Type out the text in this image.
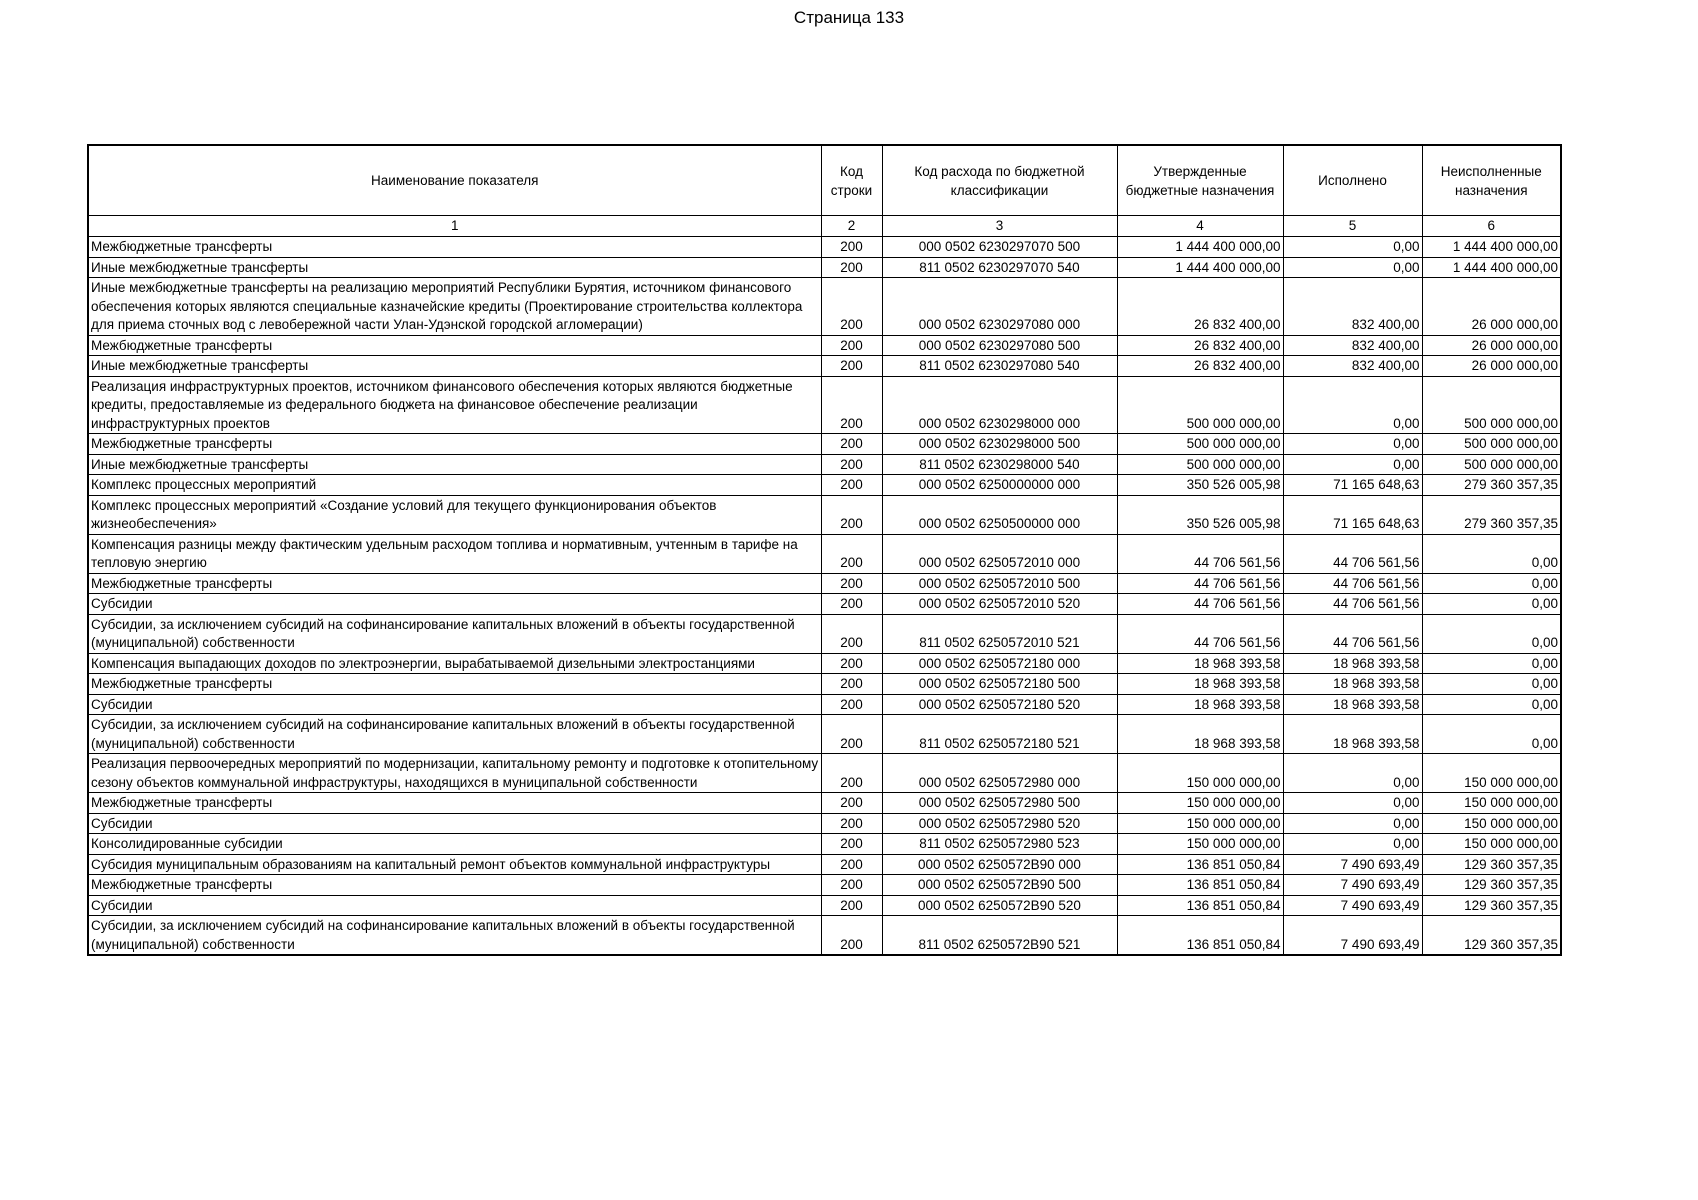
Страница 133
Наименование показателя	Код строки	Код расхода по бюджетной классификации	Утвержденные бюджетные назначения	Исполнено	Неисполненные назначения
1	2	3	4	5	6

Межбюджетные трансферты	200	000 0502 6230297070 500	1 444 400 000,00	0,00	1 444 400 000,00

Иные межбюджетные трансферты	200	811 0502 6230297070 540	1 444 400 000,00	0,00	1 444 400 000,00

Иные межбюджетные трансферты на реализацию мероприятий Республики Бурятия, источником финансового обеспечения которых являются специальные казначейские кредиты (Проектирование строительства коллектора для приема сточных вод с левобережной части Улан-Удэнской городской агломерации)	200	000 0502 6230297080 000	26 832 400,00	832 400,00	26 000 000,00

Межбюджетные трансферты	200	000 0502 6230297080 500	26 832 400,00	832 400,00	26 000 000,00

Иные межбюджетные трансферты	200	811 0502 6230297080 540	26 832 400,00	832 400,00	26 000 000,00

Реализация инфраструктурных проектов, источником финансового обеспечения которых являются бюджетные кредиты, предоставляемые из федерального бюджета на финансовое обеспечение реализации инфраструктурных проектов	200	000 0502 6230298000 000	500 000 000,00	0,00	500 000 000,00

Межбюджетные трансферты	200	000 0502 6230298000 500	500 000 000,00	0,00	500 000 000,00

Иные межбюджетные трансферты	200	811 0502 6230298000 540	500 000 000,00	0,00	500 000 000,00

Комплекс процессных мероприятий	200	000 0502 6250000000 000	350 526 005,98	71 165 648,63	279 360 357,35

Комплекс процессных мероприятий «Создание условий для текущего функционирования объектов жизнеобеспечения»	200	000 0502 6250500000 000	350 526 005,98	71 165 648,63	279 360 357,35

Компенсация разницы между фактическим удельным расходом топлива и нормативным, учтенным в тарифе на тепловую энергию	200	000 0502 6250572010 000	44 706 561,56	44 706 561,56	0,00

Межбюджетные трансферты	200	000 0502 6250572010 500	44 706 561,56	44 706 561,56	0,00

Субсидии	200	000 0502 6250572010 520	44 706 561,56	44 706 561,56	0,00

Субсидии, за исключением субсидий на софинансирование капитальных вложений в объекты государственной (муниципальной) собственности	200	811 0502 6250572010 521	44 706 561,56	44 706 561,56	0,00

Компенсация выпадающих доходов по электроэнергии, вырабатываемой дизельными электростанциями	200	000 0502 6250572180 000	18 968 393,58	18 968 393,58	0,00

Межбюджетные трансферты	200	000 0502 6250572180 500	18 968 393,58	18 968 393,58	0,00

Субсидии	200	000 0502 6250572180 520	18 968 393,58	18 968 393,58	0,00

Субсидии, за исключением субсидий на софинансирование капитальных вложений в объекты государственной (муниципальной) собственности	200	811 0502 6250572180 521	18 968 393,58	18 968 393,58	0,00

Реализация первоочередных мероприятий по модернизации, капитальному ремонту и подготовке к отопительному сезону объектов коммунальной инфраструктуры, находящихся в муниципальной собственности	200	000 0502 6250572980 000	150 000 000,00	0,00	150 000 000,00

Межбюджетные трансферты	200	000 0502 6250572980 500	150 000 000,00	0,00	150 000 000,00

Субсидии	200	000 0502 6250572980 520	150 000 000,00	0,00	150 000 000,00

Консолидированные субсидии	200	811 0502 6250572980 523	150 000 000,00	0,00	150 000 000,00

Субсидия муниципальным образованиям на капитальный ремонт объектов коммунальной инфраструктуры	200	000 0502 6250572B90 000	136 851 050,84	7 490 693,49	129 360 357,35

Межбюджетные трансферты	200	000 0502 6250572B90 500	136 851 050,84	7 490 693,49	129 360 357,35

Субсидии	200	000 0502 6250572B90 520	136 851 050,84	7 490 693,49	129 360 357,35

Субсидии, за исключением субсидий на софинансирование капитальных вложений в объекты государственной (муниципальной) собственности	200	811 0502 6250572B90 521	136 851 050,84	7 490 693,49	129 360 357,35
